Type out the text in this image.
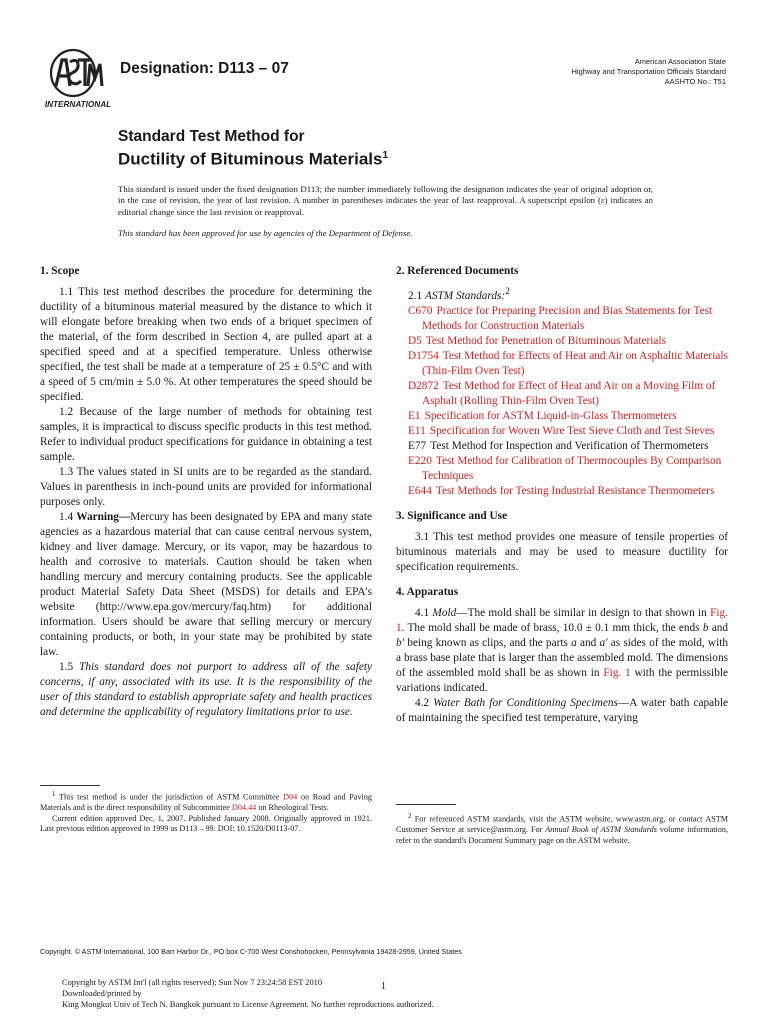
INTERNATIONAL
Designation: D113 – 07	American Association State
Highway and Transportation Officials Standard
AASHTO No.: T51
Standard Test Method for
Ductility of Bituminous Materials$^1$
This standard is issued under the fixed designation D113; the number immediately following the designation indicates the year of original adoption or, in the case of revision, the year of last revision. A number in parentheses indicates the year of last reapproval. A superscript epsilon (ε) indicates an editorial change since the last revision or reapproval.
This standard has been approved for use by agencies of the Department of Defense.
1. Scope

1.1 This test method describes the procedure for determining the ductility of a bituminous material measured by the distance to which it will elongate before breaking when two ends of a briquet specimen of the material, of the form described in Section 4, are pulled apart at a specified speed and at a specified temperature. Unless otherwise specified, the test shall be made at a temperature of 25 ± 0.5°C and with a speed of 5 cm/min ± 5.0 %. At other temperatures the speed should be specified.

1.2 Because of the large number of methods for obtaining test samples, it is impractical to discuss specific products in this test method. Refer to individual product specifications for guidance in obtaining a test sample.

1.3 The values stated in SI units are to be regarded as the standard. Values in parenthesis in inch-pound units are provided for informational purposes only.

1.4 Warning—Mercury has been designated by EPA and many state agencies as a hazardous material that can cause central nervous system, kidney and liver damage. Mercury, or its vapor, may be hazardous to health and corrosive to materials. Caution should be taken when handling mercury and mercury containing products. See the applicable product Material Safety Data Sheet (MSDS) for details and EPA's website (http://www.epa.gov/mercury/faq.htm) for additional information. Users should be aware that selling mercury or mercury containing products, or both, in your state may be prohibited by state law.

1.5 This standard does not purport to address all of the safety concerns, if any, associated with its use. It is the responsibility of the user of this standard to establish appropriate safety and health practices and determine the applicability of regulatory limitations prior to use.

$^1$ This test method is under the jurisdiction of ASTM Committee D04 on Road and Paving Materials and is the direct responsibility of Subcommittee D04.44 on Rheological Tests.
Current edition approved Dec. 1, 2007. Published January 2008. Originally approved in 1921. Last previous edition approved in 1999 as D113 – 99. DOI: 10.1520/D0113-07.
2. Referenced Documents
2.1 ASTM Standards:$^2$
C670 Practice for Preparing Precision and Bias Statements for Test Methods for Construction Materials
D5 Test Method for Penetration of Bituminous Materials
D1754 Test Method for Effects of Heat and Air on Asphaltic Materials (Thin-Film Oven Test)
D2872 Test Method for Effect of Heat and Air on a Moving Film of Asphalt (Rolling Thin-Film Oven Test)
E1 Specification for ASTM Liquid-in-Glass Thermometers
E11 Specification for Woven Wire Test Sieve Cloth and Test Sieves
E77 Test Method for Inspection and Verification of Thermometers
E220 Test Method for Calibration of Thermocouples By Comparison Techniques
E644 Test Methods for Testing Industrial Resistance Thermometers
3. Significance and Use

3.1 This test method provides one measure of tensile properties of bituminous materials and may be used to measure ductility for specification requirements.

4. Apparatus

4.1 Mold—The mold shall be similar in design to that shown in Fig. 1. The mold shall be made of brass, 10.0 ± 0.1 mm thick, the ends b and b′ being known as clips, and the parts a and a′ as sides of the mold, with a brass base plate that is larger than the assembled mold. The dimensions of the assembled mold shall be as shown in Fig. 1 with the permissible variations indicated.

4.2 Water Bath for Conditioning Specimens—A water bath capable of maintaining the specified test temperature, varying

$^2$ For referenced ASTM standards, visit the ASTM website, www.astm.org, or contact ASTM Customer Service at service@astm.org. For Annual Book of ASTM Standards volume information, refer to the standard's Document Summary page on the ASTM website.
Copyright. © ASTM International, 100 Barr Harbor Dr., PO box C-700 West Conshohocken, Pennsylvania 19428-2959, United States
Copyright by ASTM Int'l (all rights reserved); Sun Nov 7 23:24:58 EST 2010
Downloaded/printed by
King Mongkut Univ of Tech N. Bangkok pursuant to License Agreement. No further reproductions authorized.
1
